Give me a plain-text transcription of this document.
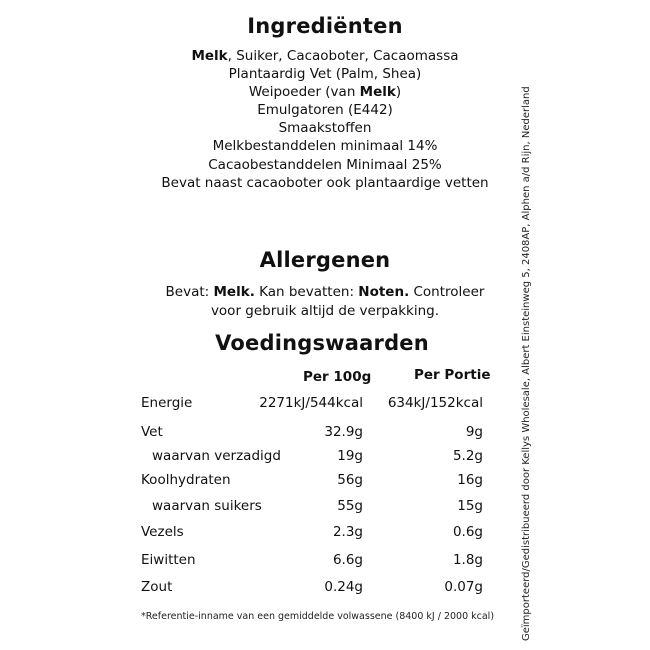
Ingrediënten
Melk, Suiker, Cacaoboter, Cacaomassa
Plantaardig Vet (Palm, Shea)
Weipoeder (van Melk)
Emulgatoren (E442)
Smaakstoffen
Melkbestanddelen minimaal 14%
Cacaobestanddelen Minimaal 25%
Bevat naast cacaoboter ook plantaardige vetten
Allergenen
Bevat: Melk. Kan bevatten: Noten. Controleer voor gebruik altijd de verpakking.
Voedingswaarden
Per 100g	Per Portie
Energie	2271kJ/544kcal 634kJ/152kcal
Vet	32.9g	9g
waarvan verzadigd	19g	5.2g
Koolhydraten	56g	16g
waarvan suikers	55g	15g
Vezels	2.3g	0.6g
Eiwitten	6.6g	1.8g
Zout	0.24g	0.07g
*Referentie-inname van een gemiddelde volwassene (8400 kJ / 2000 kcal)	Geïmporteerd/Gedistribueerd door Kellys Wholesale, Albert Einsteinweg 5, 2408AP, Alphen a/d Rijn, Nederland
